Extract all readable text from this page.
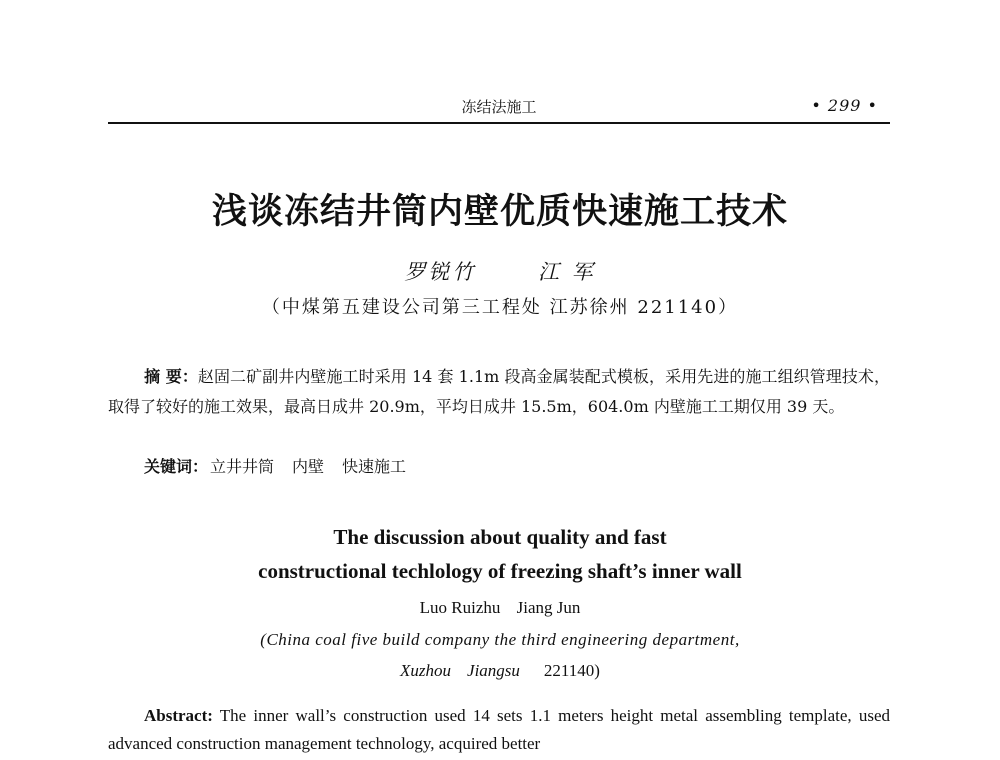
冻结法施工	• 299 •
浅谈冻结井筒内壁优质快速施工技术
罗锐竹	江 军
（中煤第五建设公司第三工程处 江苏徐州 221140）

摘 要：赵固二矿副井内壁施工时采用 14 套 1.1m 段高金属装配式模板，采用先进的施工组织管理技术，取得了较好的施工效果，最高日成井 20.9m，平均日成井 15.5m，604.0m 内壁施工工期仅用 39 天。

关键词： 立井井筒 内壁 快速施工
The discussion about quality and fast
constructional techlology of freezing shaft’s inner wall
Luo Ruizhu Jiang Jun
(China coal five build company the third engineering department,
Xuzhou Jiangsu 221140)

Abstract: The inner wall’s construction used 14 sets 1.1 meters height metal assembling template, used advanced construction management technology, acquired better
